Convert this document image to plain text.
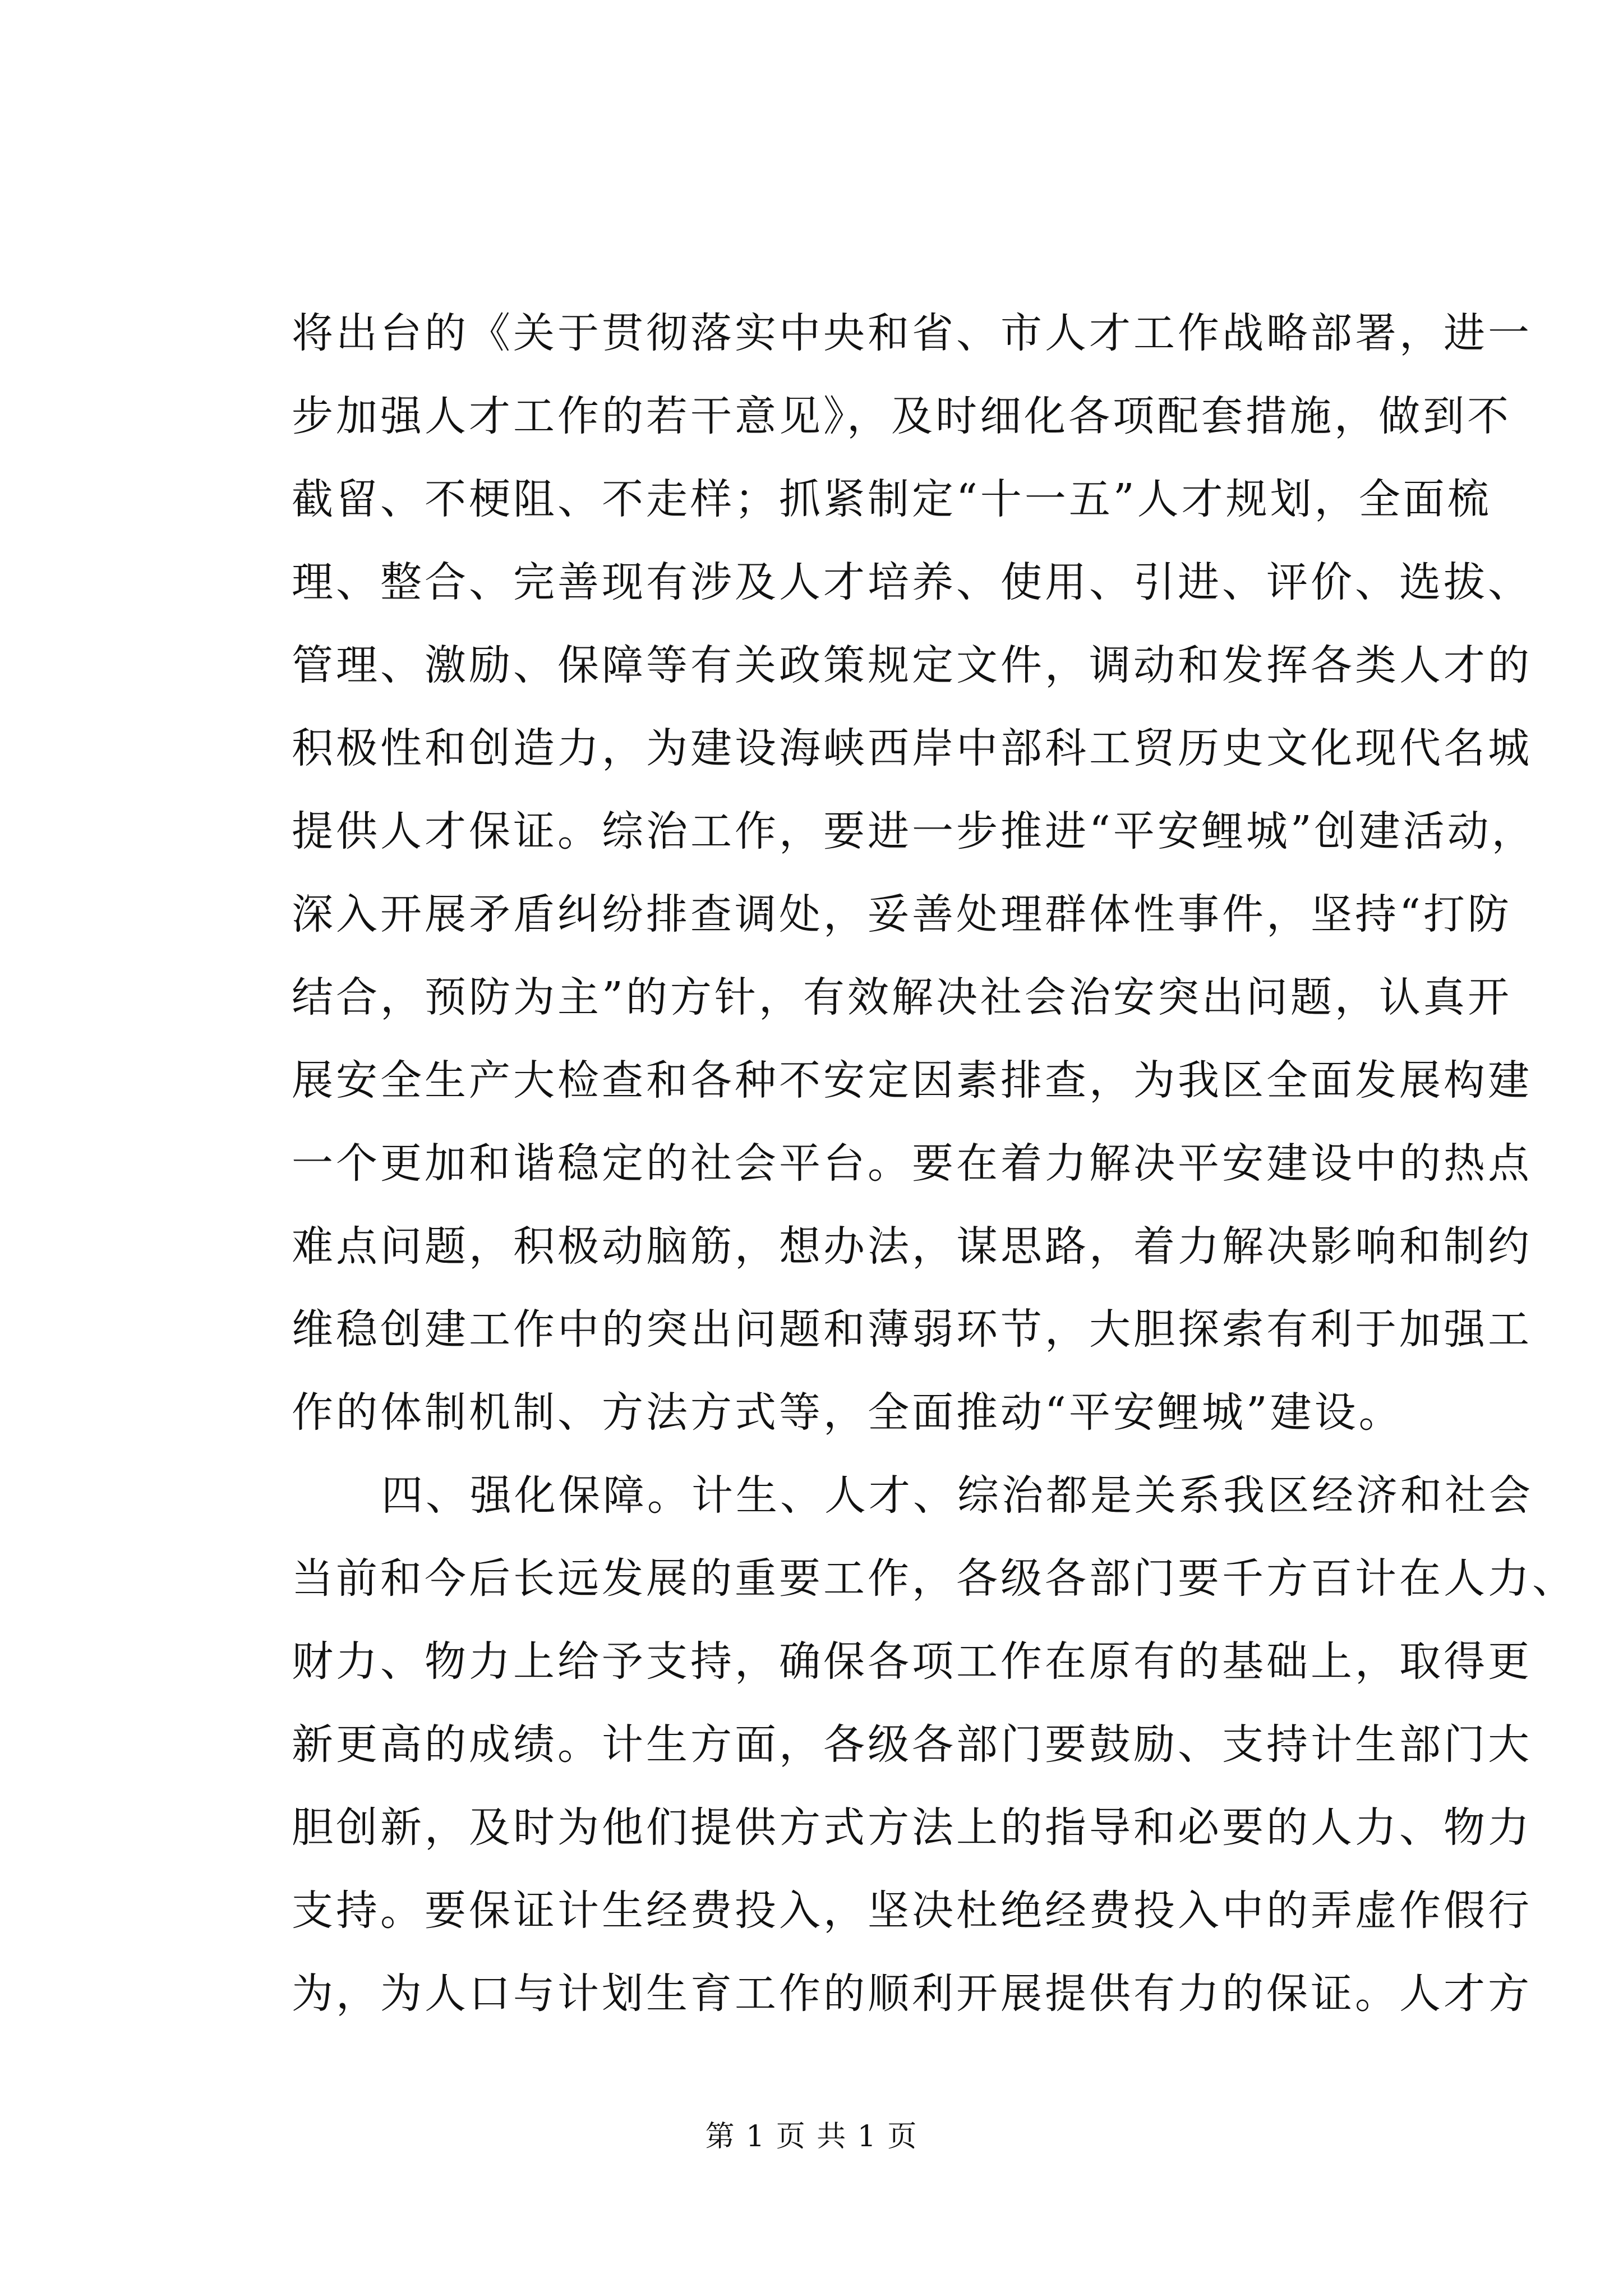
将出台的《关于贯彻落实中央和省、市人才工作战略部署，进一
步加强人才工作的若干意见》，及时细化各项配套措施，做到不
截留、不梗阻、不走样；抓紧制定“十一五”人才规划，全面梳
理、整合、完善现有涉及人才培养、使用、引进、评价、选拔、
管理、激励、保障等有关政策规定文件，调动和发挥各类人才的
积极性和创造力，为建设海峡西岸中部科工贸历史文化现代名城
提供人才保证。综治工作，要进一步推进“平安鲤城”创建活动，
深入开展矛盾纠纷排查调处，妥善处理群体性事件，坚持“打防
结合，预防为主”的方针，有效解决社会治安突出问题，认真开
展安全生产大检查和各种不安定因素排查，为我区全面发展构建
一个更加和谐稳定的社会平台。要在着力解决平安建设中的热点
难点问题，积极动脑筋，想办法，谋思路，着力解决影响和制约
维稳创建工作中的突出问题和薄弱环节，大胆探索有利于加强工
作的体制机制、方法方式等，全面推动“平安鲤城”建设。
四、强化保障。计生、人才、综治都是关系我区经济和社会
当前和今后长远发展的重要工作，各级各部门要千方百计在人力、
财力、物力上给予支持，确保各项工作在原有的基础上，取得更
新更高的成绩。计生方面，各级各部门要鼓励、支持计生部门大
胆创新，及时为他们提供方式方法上的指导和必要的人力、物力
支持。要保证计生经费投入，坚决杜绝经费投入中的弄虚作假行
为，为人口与计划生育工作的顺利开展提供有力的保证。人才方
第 1 页 共 1 页
